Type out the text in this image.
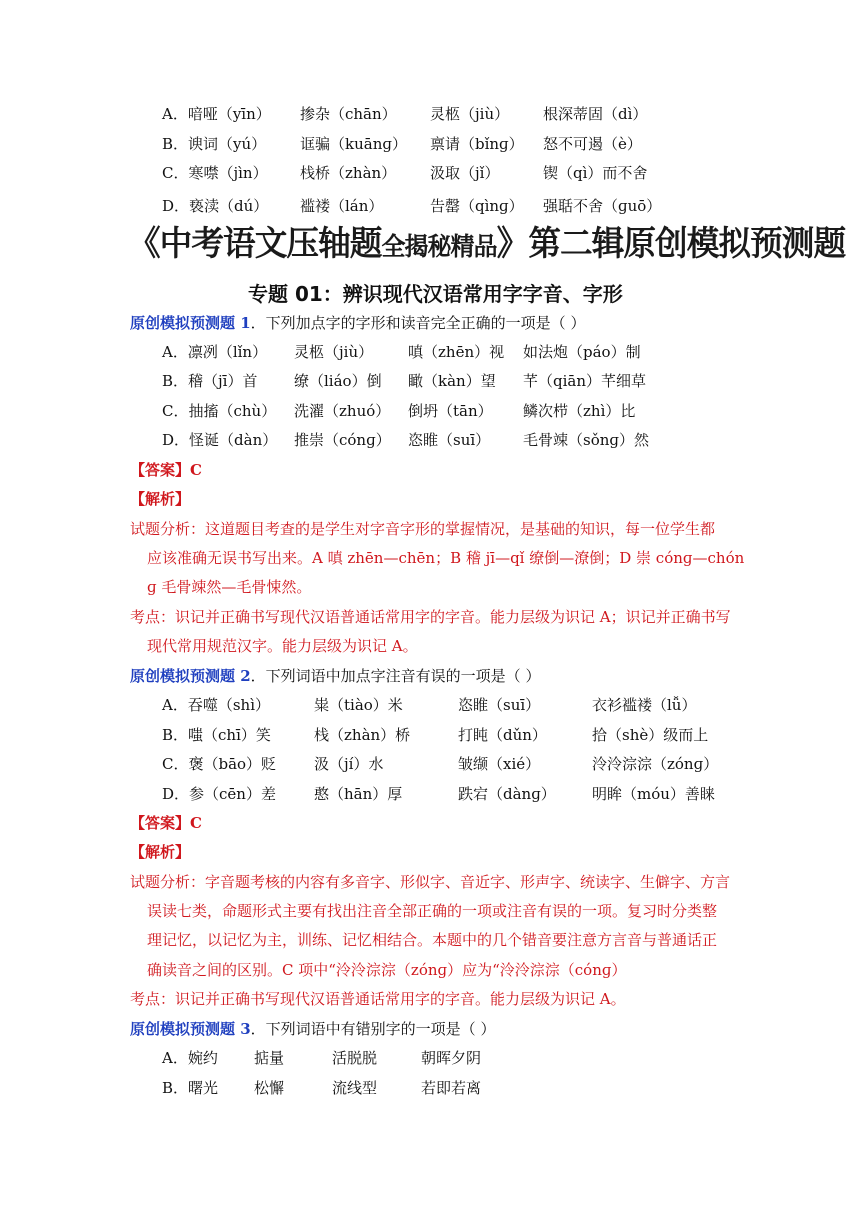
A．喑哑（yīn） 掺杂（chān） 灵柩（jiù） 根深蒂固（dì）
B．谀词（yú） 诓骗（kuānɡ） 禀请（bǐnɡ） 怒不可遏（è）
C．寒噤（jìn） 栈桥（zhàn） 汲取（jǐ）	锲（qì）而不舍
D．亵渎（dú） 褴褛（lán）	告罄（qìnɡ） 强聒不舍（ɡuō）
《中考语文压轴题全揭秘精品》第二辑原创模拟预测题
专题 01：辨识现代汉语常用字字音、字形
原创模拟预测题 1．下列加点字的字形和读音完全正确的一项是（ ）
A．凛冽（lǐn） 灵柩（jiù） 嗔（zhēn）视 如法炮（páo）制
B．稽（jī）首 缭（liáo）倒 瞰（kàn）望 芊（qiān）芊细草
C．抽搐（chù） 洗濯（zhuó） 倒坍（tān） 鳞次栉（zhì）比
D．怪诞（dàn） 推崇（cónɡ） 恣睢（suī） 毛骨竦（sǒnɡ）然
【答案】C
【解析】
试题分析：这道题目考查的是学生对字音字形的掌握情况，是基础的知识，每一位学生都
应该准确无误书写出来。A 嗔 zhēn—chēn；B 稽 jī—qǐ 缭倒—潦倒；D 崇 cónɡ—chón
ɡ 毛骨竦然—毛骨悚然。
考点：识记并正确书写现代汉语普通话常用字的字音。能力层级为识记 A；识记并正确书写
现代常用规范汉字。能力层级为识记 A。
原创模拟预测题 2．下列词语中加点字注音有误的一项是（ ）
A．吞噬（shì）	粜（tiào）米	恣睢（suī）	衣衫褴褛（lǚ）
B．嗤（chī）笑	栈（zhàn）桥	打盹（dǔn）	拾（shè）级而上
C．褒（bāo）贬	汲（jí）水	皱缬（xié）	泠泠淙淙（zónɡ）
D．参（cēn）差	憨（hān）厚	跌宕（dànɡ） 明眸（móu）善睐
【答案】C
【解析】
试题分析：字音题考核的内容有多音字、形似字、音近字、形声字、统读字、生僻字、方言
误读七类，命题形式主要有找出注音全部正确的一项或注音有误的一项。复习时分类整
理记忆，以记忆为主，训练、记忆相结合。本题中的几个错音要注意方言音与普通话正
确读音之间的区别。C 项中“泠泠淙淙（zónɡ）应为“泠泠淙淙（cónɡ）
考点：识记并正确书写现代汉语普通话常用字的字音。能力层级为识记 A。
原创模拟预测题 3．下列词语中有错别字的一项是（ ）
A．婉约 掂量	活脱脱	朝晖夕阴
B．曙光 松懈	流线型	若即若离
